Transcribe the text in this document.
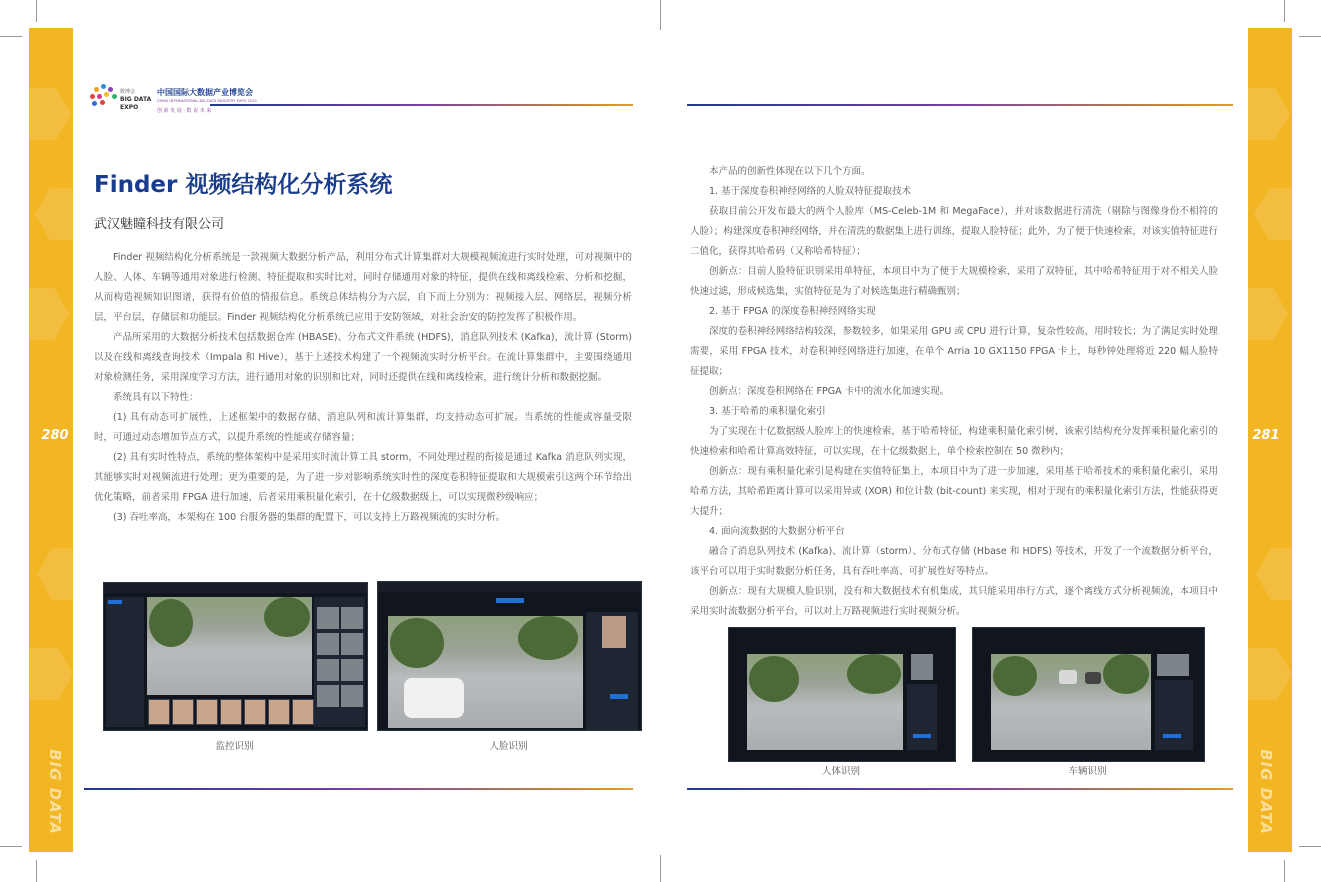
280
BIG DATA
281
BIG DATA
数博会
BIG DATA
EXPO
中国国际大数据产业博览会
CHINA INTERNATIONAL BIG DATA INDUSTRY EXPO 2019
创 新 发 展 · 数 说 未 来
Finder 视频结构化分析系统
武汉魅瞳科技有限公司

Finder 视频结构化分析系统是一款视频大数据分析产品，利用分布式计算集群对大规模视频流进行实时处理，可对视频中的人脸、人体、车辆等通用对象进行检测、特征提取和实时比对，同时存储通用对象的特征，提供在线和离线检索、分析和挖掘，从而构造视频知识图谱，获得有价值的情报信息。系统总体结构分为六层，自下而上分别为：视频接入层、网络层，视频分析层，平台层，存储层和功能层。Finder 视频结构化分析系统已应用于安防领域，对社会治安的防控发挥了积极作用。

产品所采用的大数据分析技术包括数据仓库 (HBASE)、分布式文件系统 (HDFS)，消息队列技术 (Kafka)，流计算 (Storm) 以及在线和离线查询技术（Impala 和 Hive），基于上述技术构建了一个视频流实时分析平台。在流计算集群中，主要围绕通用对象检测任务，采用深度学习方法，进行通用对象的识别和比对，同时还提供在线和离线检索，进行统计分析和数据挖掘。

系统具有以下特性：

(1) 具有动态可扩展性，上述框架中的数据存储、消息队列和流计算集群，均支持动态可扩展。当系统的性能或容量受限时，可通过动态增加节点方式，以提升系统的性能或存储容量；

(2) 具有实时性特点，系统的整体架构中是采用实时流计算工具 storm，不同处理过程的衔接是通过 Kafka 消息队列实现，其能够实时对视频流进行处理；更为重要的是，为了进一步对影响系统实时性的深度卷积特征提取和大规模索引这两个环节给出优化策略，前者采用 FPGA 进行加速，后者采用乘积量化索引，在十亿级数据级上，可以实现微秒级响应；

(3) 吞吐率高，本架构在 100 台服务器的集群的配置下，可以支持上万路视频流的实时分析。

本产品的创新性体现在以下几个方面。

1. 基于深度卷积神经网络的人脸双特征提取技术

获取目前公开发布最大的两个人脸库（MS-Celeb-1M 和 MegaFace），并对该数据进行清洗（剔除与图像身份不相符的人脸）；构建深度卷积神经网络，并在清洗的数据集上进行训练，提取人脸特征；此外，为了便于快速检索，对该实值特征进行二值化，获得其哈希码（又称哈希特征）；

创新点：目前人脸特征识别采用单特征，本项目中为了便于大规模检索，采用了双特征，其中哈希特征用于对不相关人脸快速过滤，形成候选集，实值特征是为了对候选集进行精确甄别；

2. 基于 FPGA 的深度卷积神经网络实现

深度的卷积神经网络结构较深，参数较多，如果采用 GPU 或 CPU 进行计算，复杂性较高，用时较长；为了满足实时处理需要，采用 FPGA 技术，对卷积神经网络进行加速，在单个 Arria 10 GX1150 FPGA 卡上，每秒钟处理将近 220 幅人脸特征提取；

创新点：深度卷积网络在 FPGA 卡中的流水化加速实现。

3. 基于哈希的乘积量化索引

为了实现在十亿数据级人脸库上的快速检索，基于哈希特征，构建乘积量化索引树，该索引结构充分发挥乘积量化索引的快速检索和哈希计算高效特征，可以实现，在十亿级数据上，单个检索控制在 50 微秒内；

创新点：现有乘积量化索引是构建在实值特征集上，本项目中为了进一步加速，采用基于哈希技术的乘积量化索引，采用哈希方法，其哈希距离计算可以采用异或 (XOR) 和位计数 (bit-count) 来实现，相对于现有的乘积量化索引方法，性能获得更大提升；

4. 面向流数据的大数据分析平台

融合了消息队列技术 (Kafka)、流计算（storm）、分布式存储 (Hbase 和 HDFS) 等技术，开发了一个流数据分析平台，该平台可以用于实时数据分析任务，具有吞吐率高、可扩展性好等特点。

创新点：现有大规模人脸识别，没有和大数据技术有机集成，其只能采用串行方式，逐个离线方式分析视频流，本项目中采用实时流数据分析平台，可以对上万路视频进行实时视频分析。

监控识别	人脸识别
人体识别	车辆识别
